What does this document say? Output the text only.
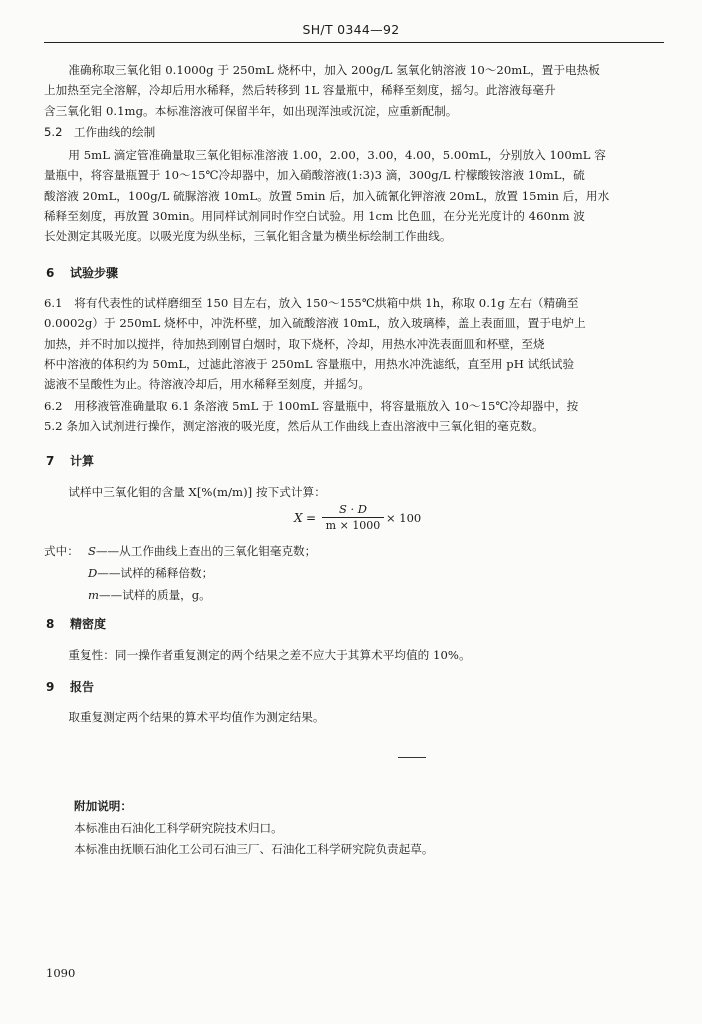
SH/T 0344—92

准确称取三氧化钼 0.1000g 于 250mL 烧杯中，加入 200g/L 氢氧化钠溶液 10～20mL，置于电热板

上加热至完全溶解，冷却后用水稀释，然后转移到 1L 容量瓶中，稀释至刻度，摇匀。此溶液每毫升

含三氧化钼 0.1mg。本标准溶液可保留半年，如出现浑浊或沉淀，应重新配制。

5.2 工作曲线的绘制

用 5mL 滴定管准确量取三氧化钼标准溶液 1.00，2.00，3.00，4.00，5.00mL，分别放入 100mL 容

量瓶中，将容量瓶置于 10～15℃冷却器中，加入硝酸溶液(1:3)3 滴，300g/L 柠檬酸铵溶液 10mL，硫

酸溶液 20mL，100g/L 硫脲溶液 10mL。放置 5min 后，加入硫氰化钾溶液 20mL，放置 15min 后，用水

稀释至刻度，再放置 30min。用同样试剂同时作空白试验。用 1cm 比色皿，在分光光度计的 460nm 波

长处测定其吸光度。以吸光度为纵坐标，三氧化钼含量为横坐标绘制工作曲线。

6 试验步骤

6.1　将有代表性的试样磨细至 150 目左右，放入 150～155℃烘箱中烘 1h，称取 0.1g 左右（精确至

0.0002g）于 250mL 烧杯中，冲洗杯壁，加入硫酸溶液 10mL，放入玻璃棒，盖上表面皿，置于电炉上

加热，并不时加以搅拌，待加热到刚冒白烟时，取下烧杯，冷却，用热水冲洗表面皿和杯壁，至烧

杯中溶液的体积约为 50mL，过滤此溶液于 250mL 容量瓶中，用热水冲洗滤纸，直至用 pH 试纸试验

滤液不呈酸性为止。待溶液冷却后，用水稀释至刻度，并摇匀。

6.2　用移液管准确量取 6.1 条溶液 5mL 于 100mL 容量瓶中，将容量瓶放入 10～15℃冷却器中，按

5.2 条加入试剂进行操作，测定溶液的吸光度，然后从工作曲线上查出溶液中三氧化钼的毫克数。

7 计算

试样中三氧化钼的含量 X[%(m/m)] 按下式计算：

X =
S · D
m × 1000
× 100
式中： S——从工作曲线上查出的三氧化钼毫克数；
D——试样的稀释倍数；
m——试样的质量，g。
8 精密度

重复性：同一操作者重复测定的两个结果之差不应大于其算术平均值的 10%。

9 报告

取重复测定两个结果的算术平均值作为测定结果。

附加说明：
本标准由石油化工科学研究院技术归口。
本标准由抚顺石油化工公司石油三厂、石油化工科学研究院负责起草。
1090
